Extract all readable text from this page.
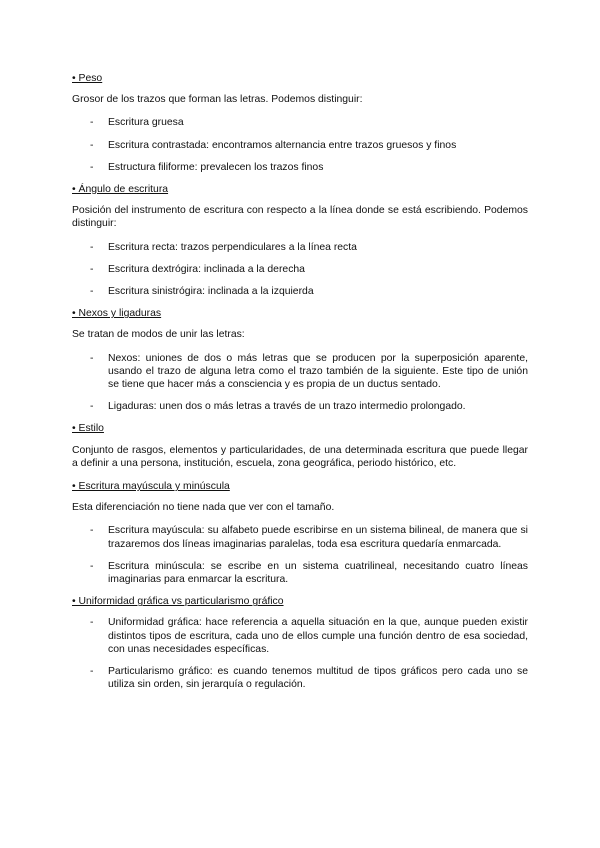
• Peso

Grosor de los trazos que forman las letras. Podemos distinguir:

- Escritura gruesa
- Escritura contrastada: encontramos alternancia entre trazos gruesos y finos
- Estructura filiforme: prevalecen los trazos finos

• Ángulo de escritura

Posición del instrumento de escritura con respecto a la línea donde se está escribiendo. Podemos distinguir:

- Escritura recta: trazos perpendiculares a la línea recta
- Escritura dextrógira: inclinada a la derecha
- Escritura sinistrógira: inclinada a la izquierda

• Nexos y ligaduras

Se tratan de modos de unir las letras:

- Nexos: uniones de dos o más letras que se producen por la superposición aparente, usando el trazo de alguna letra como el trazo también de la siguiente. Este tipo de unión se tiene que hacer más a consciencia y es propia de un ductus sentado.
- Ligaduras: unen dos o más letras a través de un trazo intermedio prolongado.

• Estilo

Conjunto de rasgos, elementos y particularidades, de una determinada escritura que puede llegar a definir a una persona, institución, escuela, zona geográfica, periodo histórico, etc.

• Escritura mayúscula y minúscula

Esta diferenciación no tiene nada que ver con el tamaño.

- Escritura mayúscula: su alfabeto puede escribirse en un sistema bilineal, de manera que si trazaremos dos líneas imaginarias paralelas, toda esa escritura quedaría enmarcada.
- Escritura minúscula: se escribe en un sistema cuatrilineal, necesitando cuatro líneas imaginarias para enmarcar la escritura.

• Uniformidad gráfica vs particularismo gráfico

- Uniformidad gráfica: hace referencia a aquella situación en la que, aunque pueden existir distintos tipos de escritura, cada uno de ellos cumple una función dentro de esa sociedad, con unas necesidades específicas.
- Particularismo gráfico: es cuando tenemos multitud de tipos gráficos pero cada uno se utiliza sin orden, sin jerarquía o regulación.
